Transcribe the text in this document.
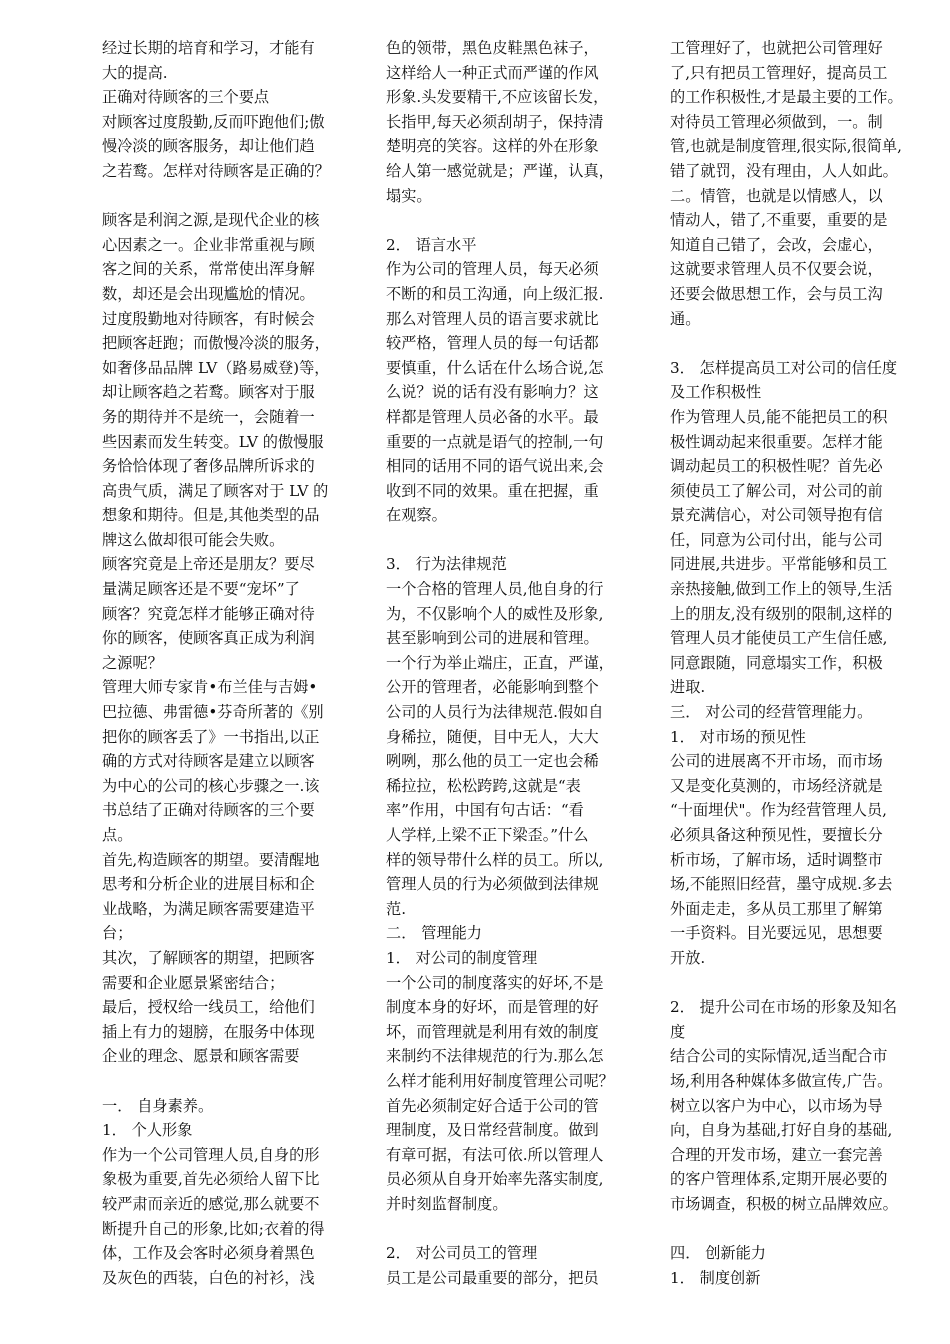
经过长期的培育和学习，才能有
大的提高.
正确对待顾客的三个要点
对顾客过度殷勤,反而吓跑他们;傲
慢冷淡的顾客服务，却让他们趋
之若鹜。怎样对待顾客是正确的？
顾客是利润之源,是现代企业的核
心因素之一。企业非常重视与顾
客之间的关系，常常使出浑身解
数，却还是会出现尴尬的情况。
过度殷勤地对待顾客，有时候会
把顾客赶跑；而傲慢冷淡的服务，
如奢侈品品牌 LV（路易威登)等，
却让顾客趋之若鹜。顾客对于服
务的期待并不是统一，会随着一
些因素而发生转变。LV 的傲慢服
务恰恰体现了奢侈品牌所诉求的
高贵气质，满足了顾客对于 LV 的
想象和期待。但是,其他类型的品
牌这么做却很可能会失败。
顾客究竟是上帝还是朋友？要尽
量满足顾客还是不要“宠坏”了
顾客？究竟怎样才能够正确对待
你的顾客，使顾客真正成为利润
之源呢？
管理大师专家肯•布兰佳与吉姆•
巴拉德、弗雷德•芬奇所著的《别
把你的顾客丢了》一书指出,以正
确的方式对待顾客是建立以顾客
为中心的公司的核心步骤之一.该
书总结了正确对待顾客的三个要
点。
首先,构造顾客的期望。要清醒地
思考和分析企业的进展目标和企
业战略，为满足顾客需要建造平
台；
其次，了解顾客的期望，把顾客
需要和企业愿景紧密结合；
最后，授权给一线员工，给他们
插上有力的翅膀，在服务中体现
企业的理念、愿景和顾客需要
一． 自身素养。
1． 个人形象
作为一个公司管理人员,自身的形
象极为重要,首先必须给人留下比
较严肃而亲近的感觉,那么就要不
断提升自己的形象,比如;衣着的得
体，工作及会客时必须身着黑色
及灰色的西装，白色的衬衫，浅
色的领带，黑色皮鞋黑色袜子，
这样给人一种正式而严谨的作风
形象.头发要精干,不应该留长发，
长指甲,每天必须刮胡子，保持清
楚明亮的笑容。这样的外在形象
给人第一感觉就是；严谨，认真，
塌实。
2． 语言水平
作为公司的管理人员，每天必须
不断的和员工沟通，向上级汇报.
那么对管理人员的语言要求就比
较严格，管理人员的每一句话都
要慎重，什么话在什么场合说,怎
么说？说的话有没有影响力？这
样都是管理人员必备的水平。最
重要的一点就是语气的控制,一句
相同的话用不同的语气说出来,会
收到不同的效果。重在把握，重
在观察。
3． 行为法律规范
一个合格的管理人员,他自身的行
为，不仅影响个人的威性及形象,
甚至影响到公司的进展和管理。
一个行为举止端庄，正直，严谨，
公开的管理者，必能影响到整个
公司的人员行为法律规范.假如自
身稀拉，随便，目中无人，大大
咧咧，那么他的员工一定也会稀
稀拉拉，松松跨跨,这就是“表
率”作用，中国有句古话：“看
人学样,上梁不正下梁歪。”什么
样的领导带什么样的员工。所以,
管理人员的行为必须做到法律规
范.
二． 管理能力
1． 对公司的制度管理
一个公司的制度落实的好坏,不是
制度本身的好坏，而是管理的好
坏，而管理就是利用有效的制度
来制约不法律规范的行为.那么怎
么样才能利用好制度管理公司呢？
首先必须制定好合适于公司的管
理制度，及日常经营制度。做到
有章可据，有法可依.所以管理人
员必须从自身开始率先落实制度,
并时刻监督制度。
2． 对公司员工的管理
员工是公司最重要的部分，把员
工管理好了，也就把公司管理好
了,只有把员工管理好，提高员工
的工作积极性,才是最主要的工作。
对待员工管理必须做到，一。制
管,也就是制度管理,很实际,很简单,
错了就罚，没有理由，人人如此。
二。情管，也就是以情感人，以
情动人，错了,不重要，重要的是
知道自己错了，会改，会虚心，
这就要求管理人员不仅要会说，
还要会做思想工作，会与员工沟
通。
3． 怎样提高员工对公司的信任度
及工作积极性
作为管理人员,能不能把员工的积
极性调动起来很重要。怎样才能
调动起员工的积极性呢？首先必
须使员工了解公司，对公司的前
景充满信心，对公司领导抱有信
任，同意为公司付出，能与公司
同进展,共进步。平常能够和员工
亲热接触,做到工作上的领导,生活
上的朋友,没有级别的限制,这样的
管理人员才能使员工产生信任感,
同意跟随，同意塌实工作，积极
进取.
三． 对公司的经营管理能力。
1． 对市场的预见性
公司的进展离不开市场，而市场
又是变化莫测的，市场经济就是
“十面埋伏"。作为经营管理人员,
必须具备这种预见性，要擅长分
析市场，了解市场，适时调整市
场,不能照旧经营，墨守成规.多去
外面走走，多从员工那里了解第
一手资料。目光要远见，思想要
开放.
2． 提升公司在市场的形象及知名
度
结合公司的实际情况,适当配合市
场,利用各种媒体多做宣传,广告。
树立以客户为中心，以市场为导
向，自身为基础,打好自身的基础,
合理的开发市场，建立一套完善
的客户管理体系,定期开展必要的
市场调查，积极的树立品牌效应。
四． 创新能力
1． 制度创新
